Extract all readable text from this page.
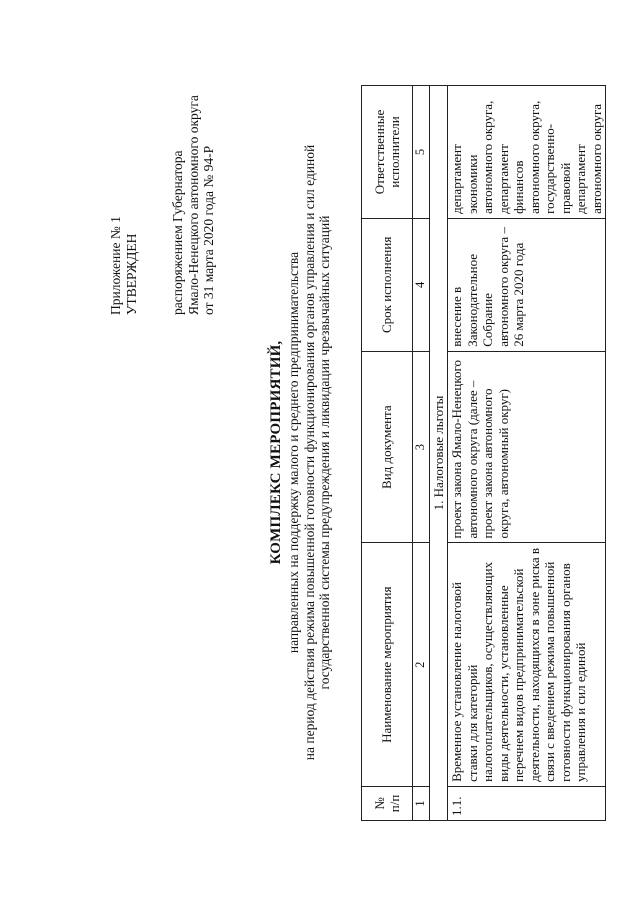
Приложение № 1 УТВЕРЖДЕН распоряжением Губернатора Ямало-Ненецкого автономного округа от 31 марта 2020 года № 94-Р
КОМПЛЕКС МЕРОПРИЯТИЙ, направленных на поддержку малого и среднего предпринимательства на период действия режима повышенной готовности функционирования органов управления и сил единой государственной системы предупреждения и ликвидации чрезвычайных ситуаций
№ п/п	Наименование мероприятия	Вид документа	Срок исполнения	Ответственные исполнители
1	2	3	4	5
1. Налоговые льготы				
1.1.	Временное установление налоговой ставки для категорий налогоплательщиков, осуществляющих виды деятельности, установленные перечнем видов предпринимательской деятельности, находящихся в зоне риска в связи с введением режима повышенной готовности функционирования органов управления и сил единой	проект закона Ямало-Ненецкого автономного округа (далее – проект закона автономного округа, автономный округ)	внесение в Законодательное Собрание автономного округа – 26 марта 2020 года	департамент экономики автономного округа, департамент финансов автономного округа, государственно-правовой департамент автономного округа
